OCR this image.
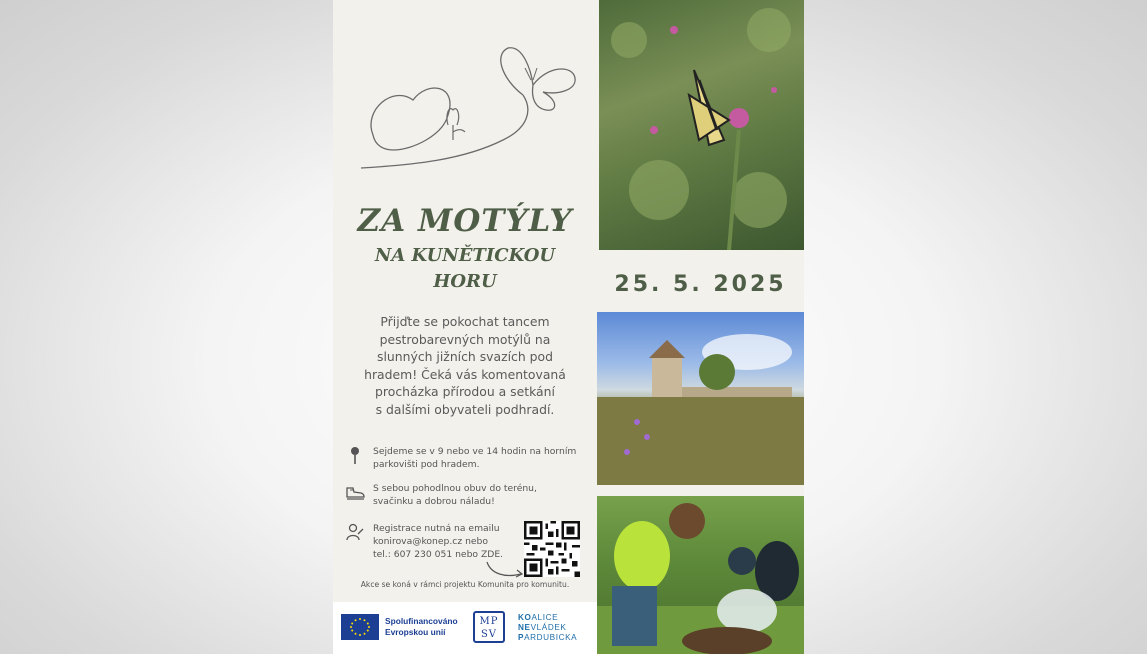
ZA MOTÝLY
NA KUNĚTICKOU
HORU
Přijďte se pokochat tancem
pestrobarevných motýlů na
slunných jižních svazích pod
hradem! Čeká vás komentovaná
procházka přírodou a setkání
s dalšími obyvateli podhradí.
Sejdeme se v 9 nebo ve 14 hodin na horním
parkovišti pod hradem.
S sebou pohodlnou obuv do terénu,
svačinku a dobrou náladu!
Registrace nutná na emailu
konirova@konep.cz nebo
tel.: 607 230 051 nebo ZDE.
Akce se koná v rámci projektu Komunita pro komunitu.
Spolufinancováno
Evropskou unií
MP
SV
KOALICE
NEVLÁDEK
PARDUBICKA
25. 5. 2025
